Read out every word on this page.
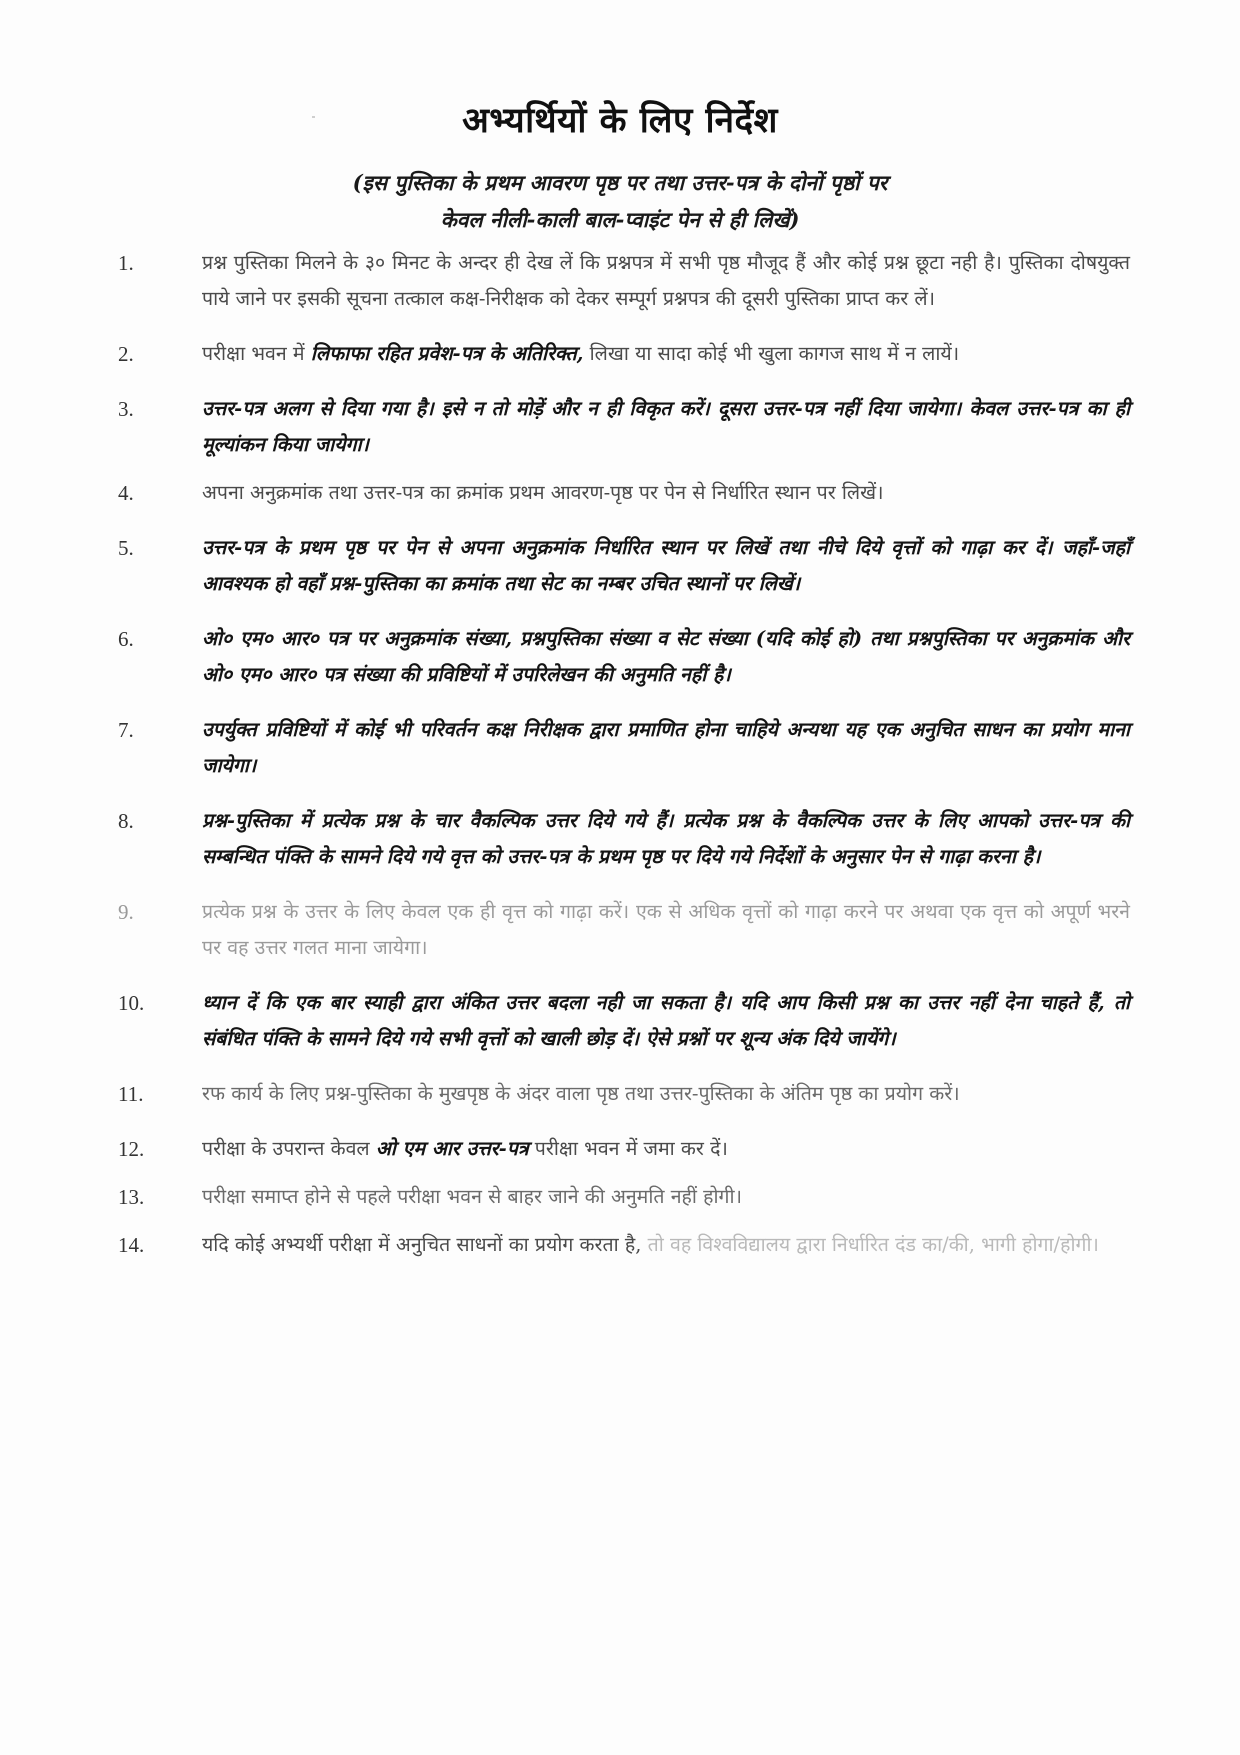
अभ्यर्थियों के लिए निर्देश
(इस पुस्तिका के प्रथम आवरण पृष्ठ पर तथा उत्तर-पत्र के दोनों पृष्ठों पर
केवल नीली-काली बाल-प्वाइंट पेन से ही लिखें)
1.	प्रश्न पुस्तिका मिलने के ३० मिनट के अन्दर ही देख लें कि प्रश्नपत्र में सभी पृष्ठ मौजूद हैं और कोई प्रश्न छूटा नही है। पुस्तिका दोषयुक्त पाये जाने पर इसकी सूचना तत्काल कक्ष-निरीक्षक को देकर सम्पूर्ग प्रश्नपत्र की दूसरी पुस्तिका प्राप्त कर लें।
2.	परीक्षा भवन में लिफाफा रहित प्रवेश-पत्र के अतिरिक्त, लिखा या सादा कोई भी खुला कागज साथ में न लायें।
3.	उत्तर-पत्र अलग से दिया गया है। इसे न तो मोड़ें और न ही विकृत करें। दूसरा उत्तर-पत्र नहीं दिया जायेगा। केवल उत्तर-पत्र का ही मूल्यांकन किया जायेगा।
4.	अपना अनुक्रमांक तथा उत्तर-पत्र का क्रमांक प्रथम आवरण-पृष्ठ पर पेन से निर्धारित स्थान पर लिखें।
5.	उत्तर-पत्र के प्रथम पृष्ठ पर पेन से अपना अनुक्रमांक निर्धारित स्थान पर लिखें तथा नीचे दिये वृत्तों को गाढ़ा कर दें। जहाँ-जहाँ आवश्यक हो वहाँ प्रश्न-पुस्तिका का क्रमांक तथा सेट का नम्बर उचित स्थानों पर लिखें।
6.	ओ० एम० आर० पत्र पर अनुक्रमांक संख्या, प्रश्नपुस्तिका संख्या व सेट संख्या (यदि कोई हो) तथा प्रश्नपुस्तिका पर अनुक्रमांक और ओ० एम० आर० पत्र संख्या की प्रविष्टियों में उपरिलेखन की अनुमति नहीं है।
7.	उपर्युक्त प्रविष्टियों में कोई भी परिवर्तन कक्ष निरीक्षक द्वारा प्रमाणित होना चाहिये अन्यथा यह एक अनुचित साधन का प्रयोग माना जायेगा।
8.	प्रश्न-पुस्तिका में प्रत्येक प्रश्न के चार वैकल्पिक उत्तर दिये गये हैं। प्रत्येक प्रश्न के वैकल्पिक उत्तर के लिए आपको उत्तर-पत्र की सम्बन्धित पंक्ति के सामने दिये गये वृत्त को उत्तर-पत्र के प्रथम पृष्ठ पर दिये गये निर्देशों के अनुसार पेन से गाढ़ा करना है।
9.	प्रत्येक प्रश्न के उत्तर के लिए केवल एक ही वृत्त को गाढ़ा करें। एक से अधिक वृत्तों को गाढ़ा करने पर अथवा एक वृत्त को अपूर्ण भरने पर वह उत्तर गलत माना जायेगा।
10.	ध्यान दें कि एक बार स्याही द्वारा अंकित उत्तर बदला नही जा सकता है। यदि आप किसी प्रश्न का उत्तर नहीं देना चाहते हैं, तो संबंधित पंक्ति के सामने दिये गये सभी वृत्तों को खाली छोड़ दें। ऐसे प्रश्नों पर शून्य अंक दिये जायेंगे।
11.	रफ कार्य के लिए प्रश्न-पुस्तिका के मुखपृष्ठ के अंदर वाला पृष्ठ तथा उत्तर-पुस्तिका के अंतिम पृष्ठ का प्रयोग करें।
12.	परीक्षा के उपरान्त केवल ओ एम आर उत्तर-पत्र परीक्षा भवन में जमा कर दें।
13.	परीक्षा समाप्त होने से पहले परीक्षा भवन से बाहर जाने की अनुमति नहीं होगी।
14.	यदि कोई अभ्यर्थी परीक्षा में अनुचित साधनों का प्रयोग करता है, तो वह विश्वविद्यालय द्वारा निर्धारित दंड का/की, भागी होगा/होगी।
